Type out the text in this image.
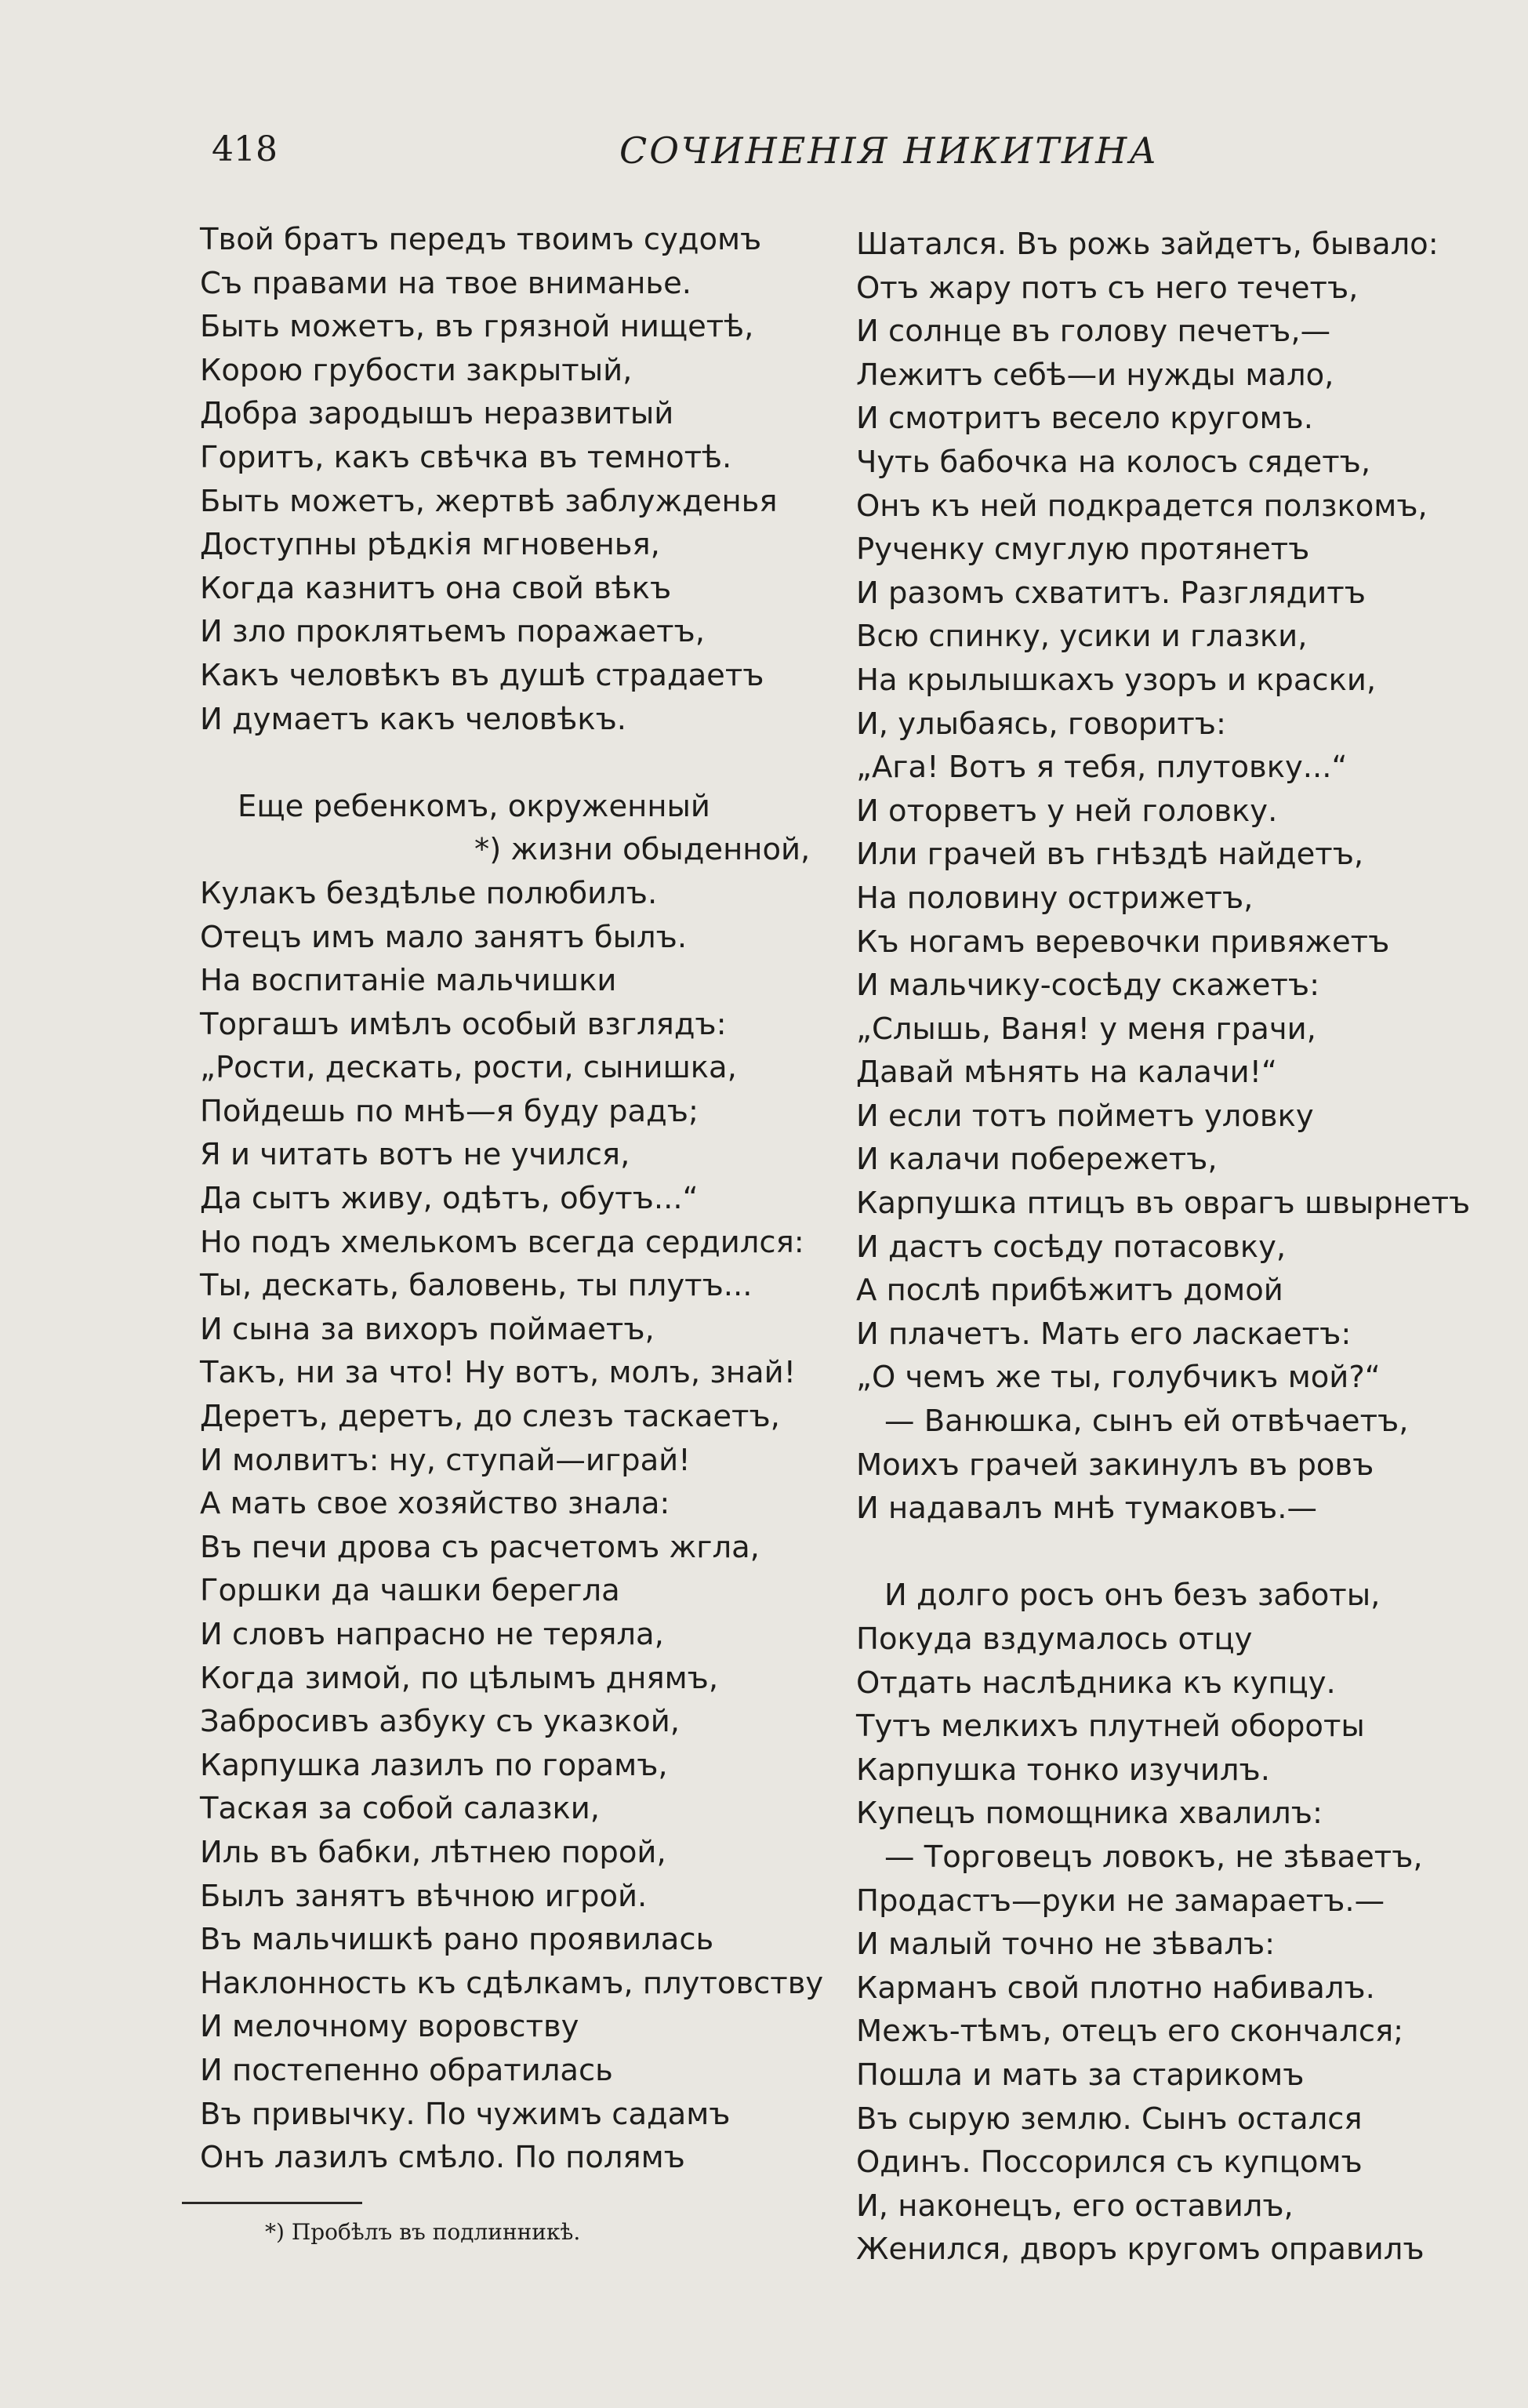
418	СОЧИНЕНІЯ НИКИТИНА
Твой братъ передъ твоимъ судомъ
Съ правами на твое вниманье.
Быть можетъ, въ грязной нищетѣ,
Корою грубости закрытый,
Добра зародышъ неразвитый
Горитъ, какъ свѣчка въ темнотѣ.
Быть можетъ, жертвѣ заблужденья
Доступны рѣдкія мгновенья,
Когда казнитъ она свой вѣкъ
И зло проклятьемъ поражаетъ,
Какъ человѣкъ въ душѣ страдаетъ
И думаетъ какъ человѣкъ.
Еще ребенкомъ, окруженный
*) жизни обыденной,
Кулакъ бездѣлье полюбилъ.
Отецъ имъ мало занятъ былъ.
На воспитаніе мальчишки
Торгашъ имѣлъ особый взглядъ:
„Рости, дескать, рости, сынишка,
Пойдешь по мнѣ—я буду радъ;
Я и читать вотъ не учился,
Да сытъ живу, одѣтъ, обутъ...“
Но подъ хмелькомъ всегда сердился:
Ты, дескать, баловень, ты плутъ...
И сына за вихоръ поймаетъ,
Такъ, ни за что! Ну вотъ, молъ, знай!
Деретъ, деретъ, до слезъ таскаетъ,
И молвитъ: ну, ступай—играй!
А мать свое хозяйство знала:
Въ печи дрова съ расчетомъ жгла,
Горшки да чашки берегла
И словъ напрасно не теряла,
Когда зимой, по цѣлымъ днямъ,
Забросивъ азбуку съ указкой,
Карпушка лазилъ по горамъ,
Таская за собой салазки,
Иль въ бабки, лѣтнею порой,
Былъ занятъ вѣчною игрой.
Въ мальчишкѣ рано проявилась
Наклонность къ сдѣлкамъ, плутовству
И мелочному воровству
И постепенно обратилась
Въ привычку. По чужимъ садамъ
Онъ лазилъ смѣло. По полямъ
Шатался. Въ рожь зайдетъ, бывало:
Отъ жару потъ съ него течетъ,
И солнце въ голову печетъ,—
Лежитъ себѣ—и нужды мало,
И смотритъ весело кругомъ.
Чуть бабочка на колосъ сядетъ,
Онъ къ ней подкрадется ползкомъ,
Рученку смуглую протянетъ
И разомъ схватитъ. Разглядитъ
Всю спинку, усики и глазки,
На крылышкахъ узоръ и краски,
И, улыбаясь, говоритъ:
„Ага! Вотъ я тебя, плутовку...“
И оторветъ у ней головку.
Или грачей въ гнѣздѣ найдетъ,
На половину острижетъ,
Къ ногамъ веревочки привяжетъ
И мальчику-сосѣду скажетъ:
„Слышь, Ваня! у меня грачи,
Давай мѣнять на калачи!“
И если тотъ пойметъ уловку
И калачи побережетъ,
Карпушка птицъ въ оврагъ швырнетъ
И дастъ сосѣду потасовку,
А послѣ прибѣжитъ домой
И плачетъ. Мать его ласкаетъ:
„О чемъ же ты, голубчикъ мой?“
— Ванюшка, сынъ ей отвѣчаетъ,
Моихъ грачей закинулъ въ ровъ
И надавалъ мнѣ тумаковъ.—
И долго росъ онъ безъ заботы,
Покуда вздумалось отцу
Отдать наслѣдника къ купцу.
Тутъ мелкихъ плутней обороты
Карпушка тонко изучилъ.
Купецъ помощника хвалилъ:
— Торговецъ ловокъ, не зѣваетъ,
Продастъ—руки не замараетъ.—
И малый точно не зѣвалъ:
Карманъ свой плотно набивалъ.
Межъ-тѣмъ, отецъ его скончался;
Пошла и мать за старикомъ
Въ сырую землю. Сынъ остался
Одинъ. Поссорился съ купцомъ
И, наконецъ, его оставилъ,
Женился, дворъ кругомъ оправилъ
*) Пробѣлъ въ подлинникѣ.
